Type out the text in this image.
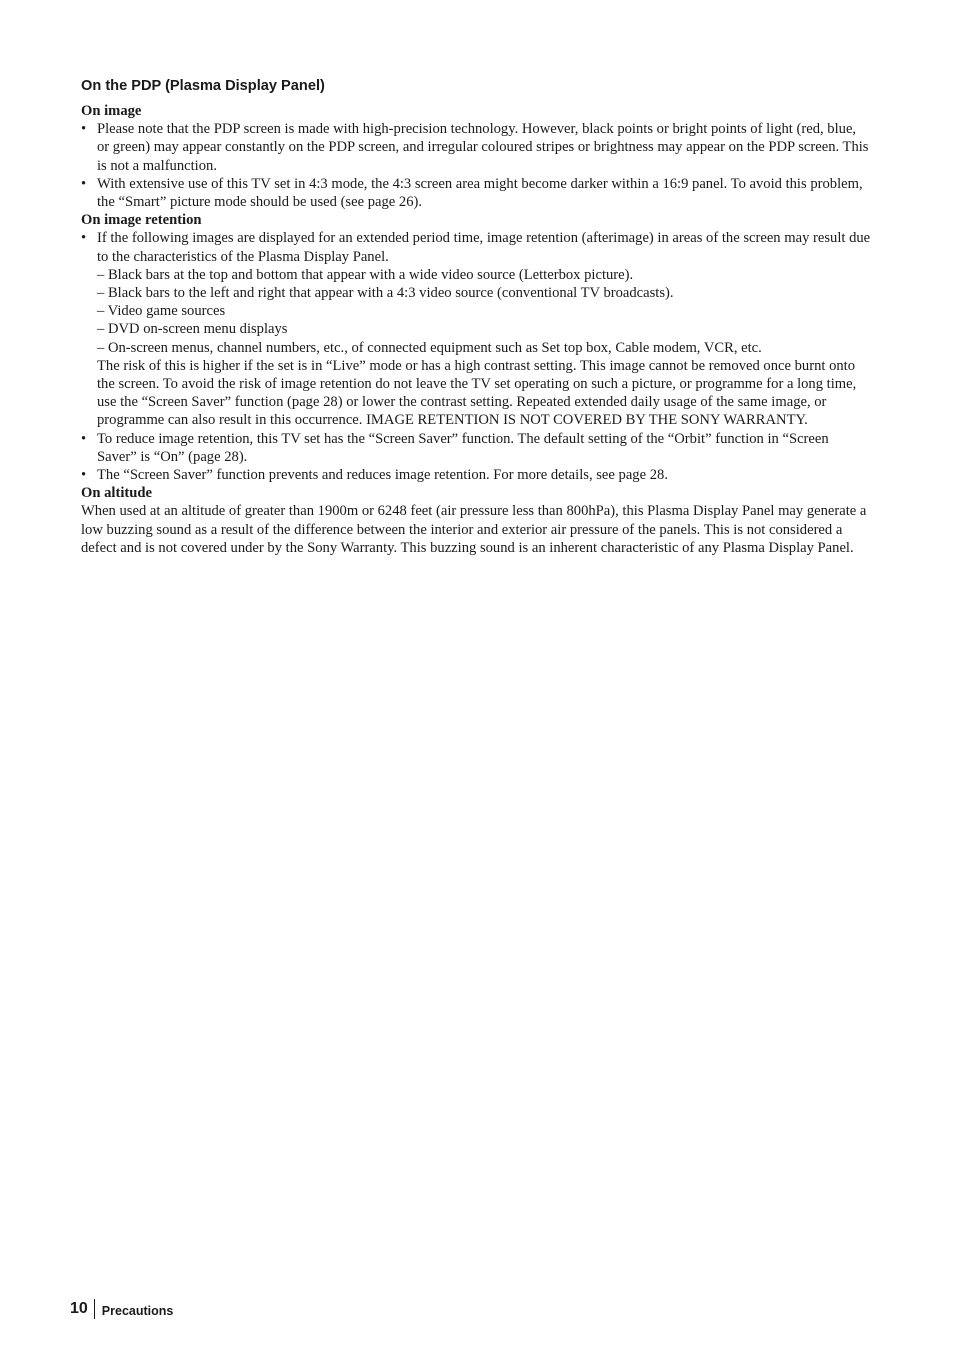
On the PDP (Plasma Display Panel)

On image

• Please note that the PDP screen is made with high-precision technology. However, black points or bright points of light (red, blue, or green) may appear constantly on the PDP screen, and irregular coloured stripes or brightness may appear on the PDP screen. This is not a malfunction.
• With extensive use of this TV set in 4:3 mode, the 4:3 screen area might become darker within a 16:9 panel. To avoid this problem, the “Smart” picture mode should be used (see page 26).

On image retention

• If the following images are displayed for an extended period time, image retention (afterimage) in areas of the screen may result due to the characteristics of the Plasma Display Panel.
– Black bars at the top and bottom that appear with a wide video source (Letterbox picture).
– Black bars to the left and right that appear with a 4:3 video source (conventional TV broadcasts).
– Video game sources
– DVD on-screen menu displays
– On-screen menus, channel numbers, etc., of connected equipment such as Set top box, Cable modem, VCR, etc.

The risk of this is higher if the set is in “Live” mode or has a high contrast setting. This image cannot be removed once burnt onto the screen. To avoid the risk of image retention do not leave the TV set operating on such a picture, or programme for a long time, use the “Screen Saver” function (page 28) or lower the contrast setting. Repeated extended daily usage of the same image, or programme can also result in this occurrence. IMAGE RETENTION IS NOT COVERED BY THE SONY WARRANTY.

• To reduce image retention, this TV set has the “Screen Saver” function. The default setting of the “Orbit” function in “Screen Saver” is “On” (page 28).
• The “Screen Saver” function prevents and reduces image retention. For more details, see page 28.

On altitude

When used at an altitude of greater than 1900m or 6248 feet (air pressure less than 800hPa), this Plasma Display Panel may generate a low buzzing sound as a result of the difference between the interior and exterior air pressure of the panels. This is not considered a defect and is not covered under by the Sony Warranty. This buzzing sound is an inherent characteristic of any Plasma Display Panel.

10 Precautions
